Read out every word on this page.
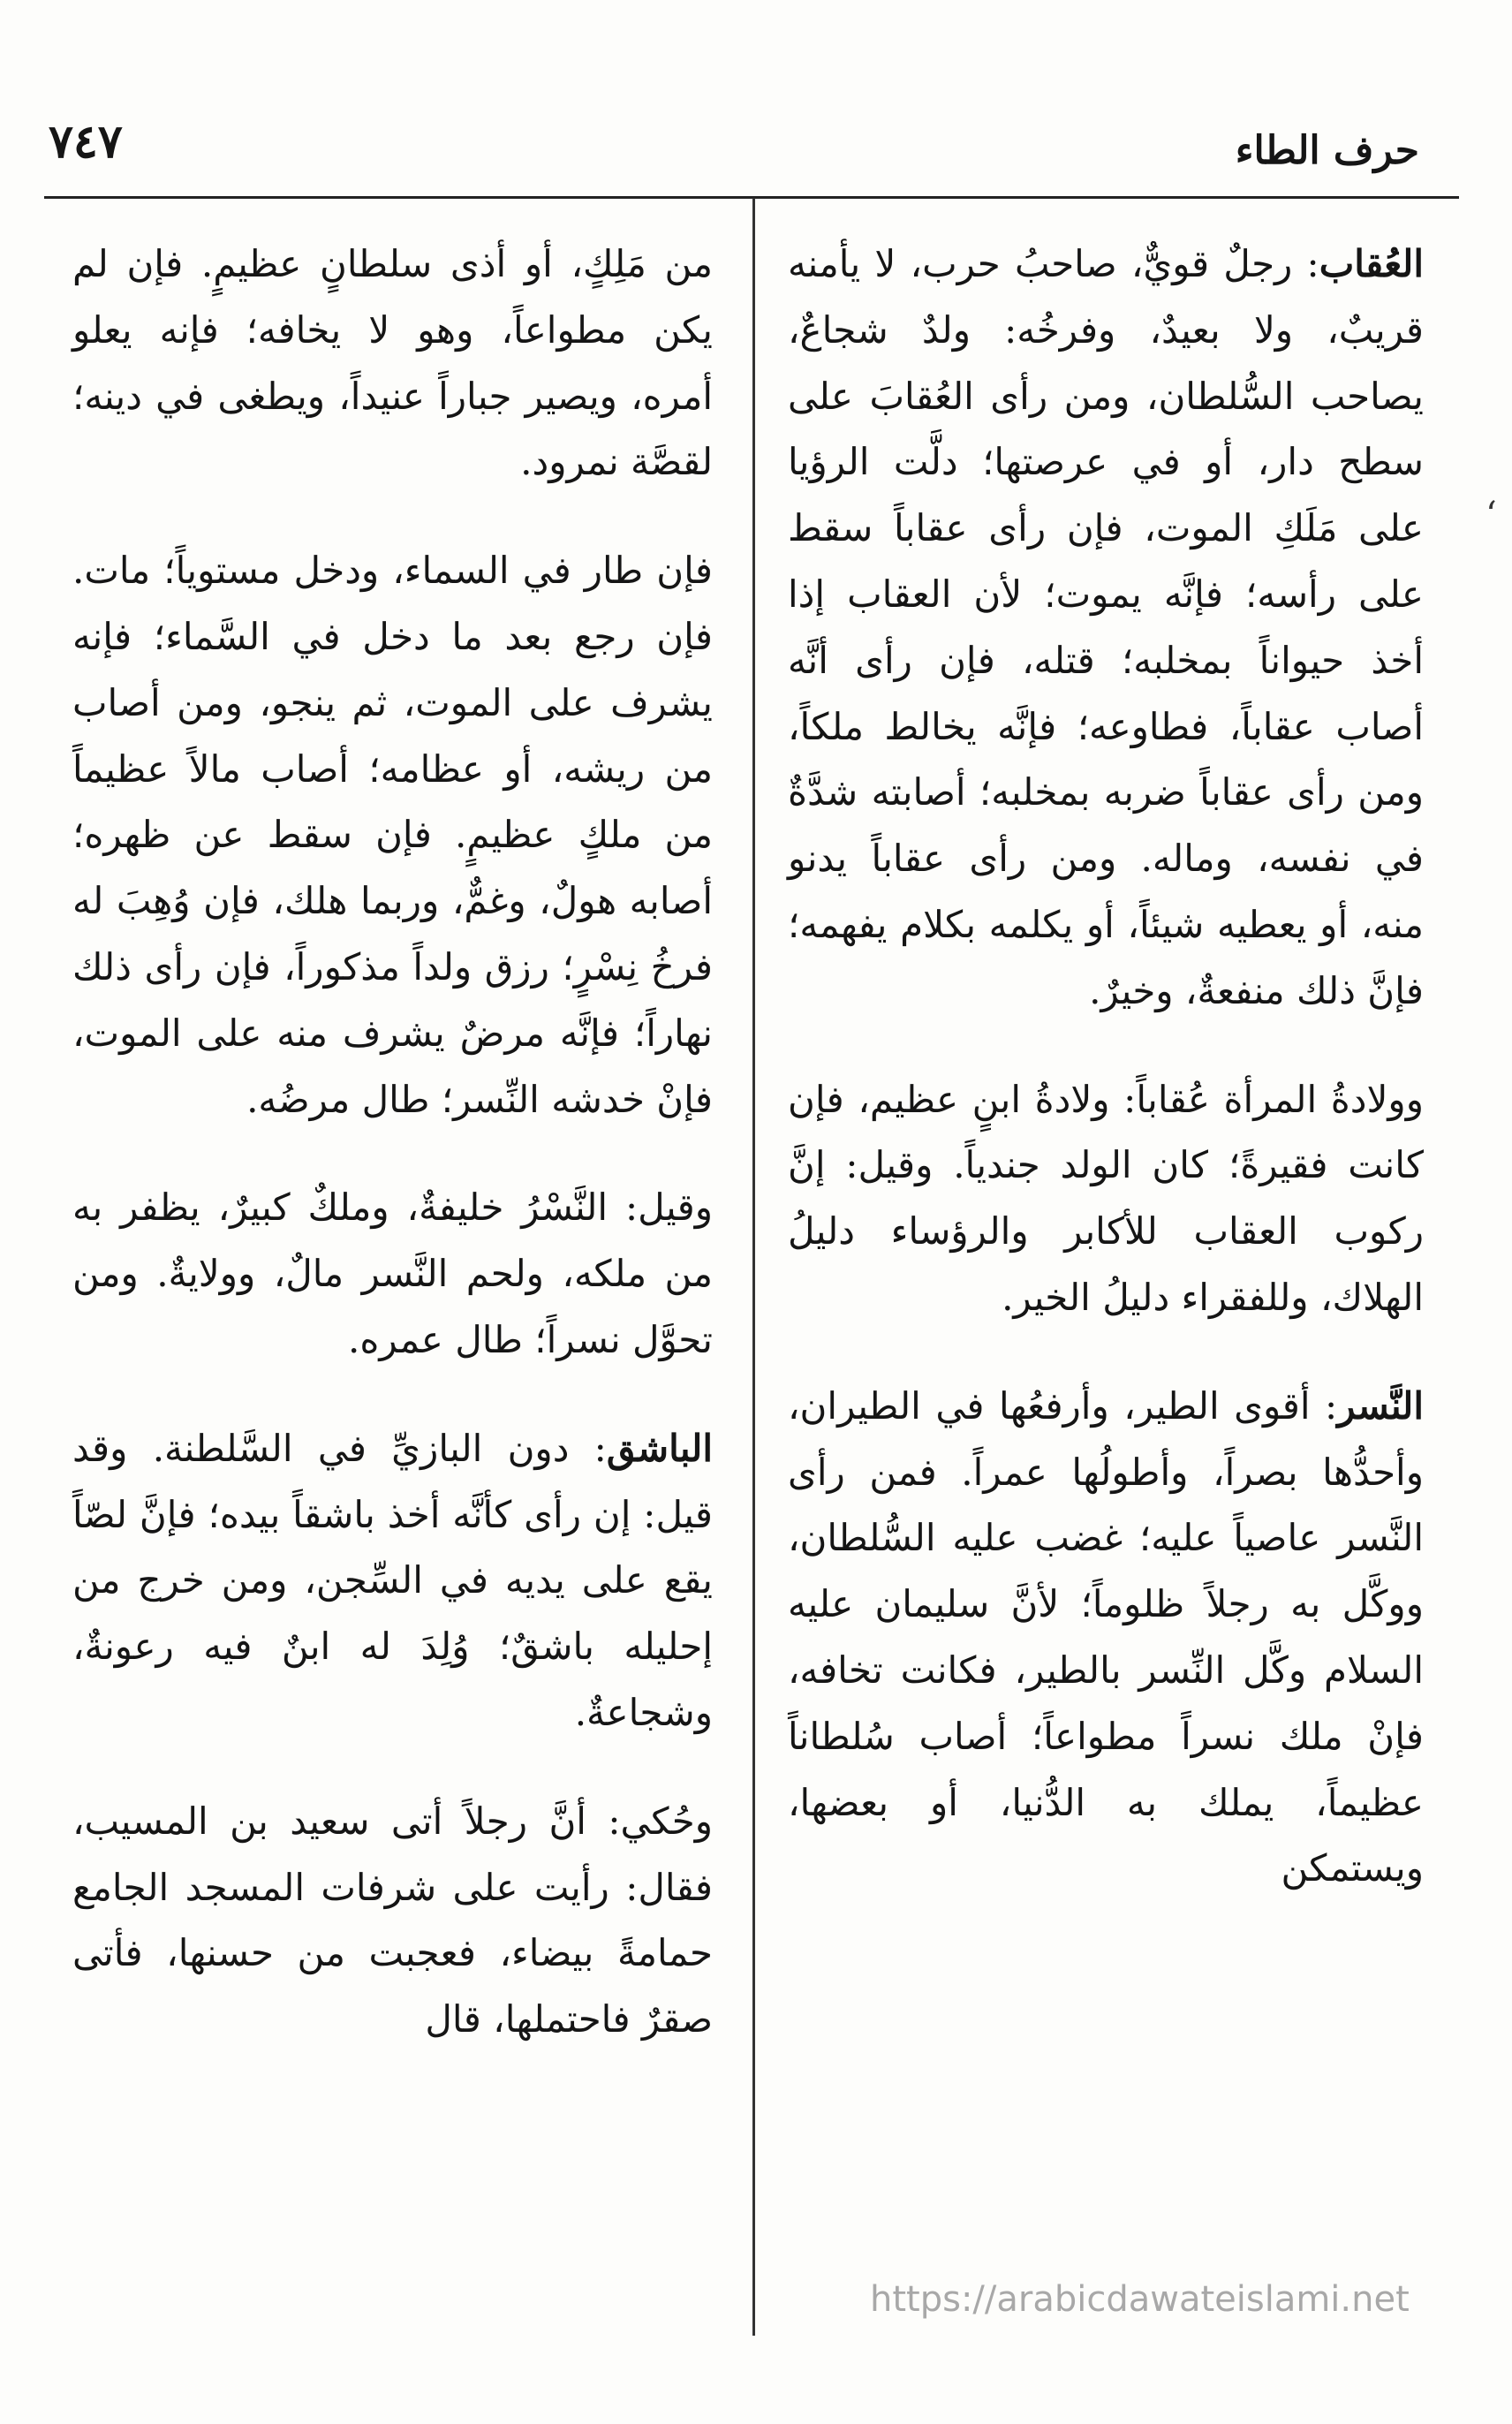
حرف الطاء
٧٤٧

العُقاب: رجلٌ قويٌّ، صاحبُ حرب، لا يأمنه قريبٌ، ولا بعيدٌ، وفرخُه: ولدٌ شجاعٌ، يصاحب السُّلطان، ومن رأى العُقابَ على سطح دار، أو في عرصتها؛ دلَّت الرؤيا على مَلَكِ الموت، فإن رأى عقاباً سقط على رأسه؛ فإنَّه يموت؛ لأن العقاب إذا أخذ حيواناً بمخلبه؛ قتله، فإن رأى أنَّه أصاب عقاباً، فطاوعه؛ فإنَّه يخالط ملكاً، ومن رأى عقاباً ضربه بمخلبه؛ أصابته شدَّةٌ في نفسه، وماله. ومن رأى عقاباً يدنو منه، أو يعطيه شيئاً، أو يكلمه بكلام يفهمه؛ فإنَّ ذلك منفعةٌ، وخيرٌ.

وولادةُ المرأة عُقاباً: ولادةُ ابنٍ عظيم، فإن كانت فقيرةً؛ كان الولد جندياً. وقيل: إنَّ ركوب العقاب للأكابر والرؤساء دليلُ الهلاك، وللفقراء دليلُ الخير.

النَّسر: أقوى الطير، وأرفعُها في الطيران، وأحدُّها بصراً، وأطولُها عمراً. فمن رأى النَّسر عاصياً عليه؛ غضب عليه السُّلطان، ووكَّل به رجلاً ظلوماً؛ لأنَّ سليمان عليه السلام وكَّل النِّسر بالطير، فكانت تخافه، فإنْ ملك نسراً مطواعاً؛ أصاب سُلطاناً عظيماً، يملك به الدُّنيا، أو بعضها، ويستمكن

من مَلِكٍ، أو أذى سلطانٍ عظيمٍ. فإن لم يكن مطواعاً، وهو لا يخافه؛ فإنه يعلو أمره، ويصير جباراً عنيداً، ويطغى في دينه؛ لقصَّة نمرود.

فإن طار في السماء، ودخل مستوياً؛ مات. فإن رجع بعد ما دخل في السَّماء؛ فإنه يشرف على الموت، ثم ينجو، ومن أصاب من ريشه، أو عظامه؛ أصاب مالاً عظيماً من ملكٍ عظيمٍ. فإن سقط عن ظهره؛ أصابه هولٌ، وغمٌّ، وربما هلك، فإن وُهِبَ له فرخُ نِسْرٍ؛ رزق ولداً مذكوراً، فإن رأى ذلك نهاراً؛ فإنَّه مرضٌ يشرف منه على الموت، فإنْ خدشه النِّسر؛ طال مرضُه.

وقيل: النَّسْرُ خليفةٌ، وملكٌ كبيرٌ، يظفر به من ملكه، ولحم النَّسر مالٌ، وولايةٌ. ومن تحوَّل نسراً؛ طال عمره.

الباشق: دون البازيِّ في السَّلطنة. وقد قيل: إن رأى كأنَّه أخذ باشقاً بيده؛ فإنَّ لصّاً يقع على يديه في السِّجن، ومن خرج من إحليله باشقٌ؛ وُلِدَ له ابنٌ فيه رعونةٌ، وشجاعةٌ.

وحُكي: أنَّ رجلاً أتى سعيد بن المسيب، فقال: رأيت على شرفات المسجد الجامع حمامةً بيضاء، فعجبت من حسنها، فأتى صقرٌ فاحتملها، قال

ʻ
https://arabicdawateislami.net
